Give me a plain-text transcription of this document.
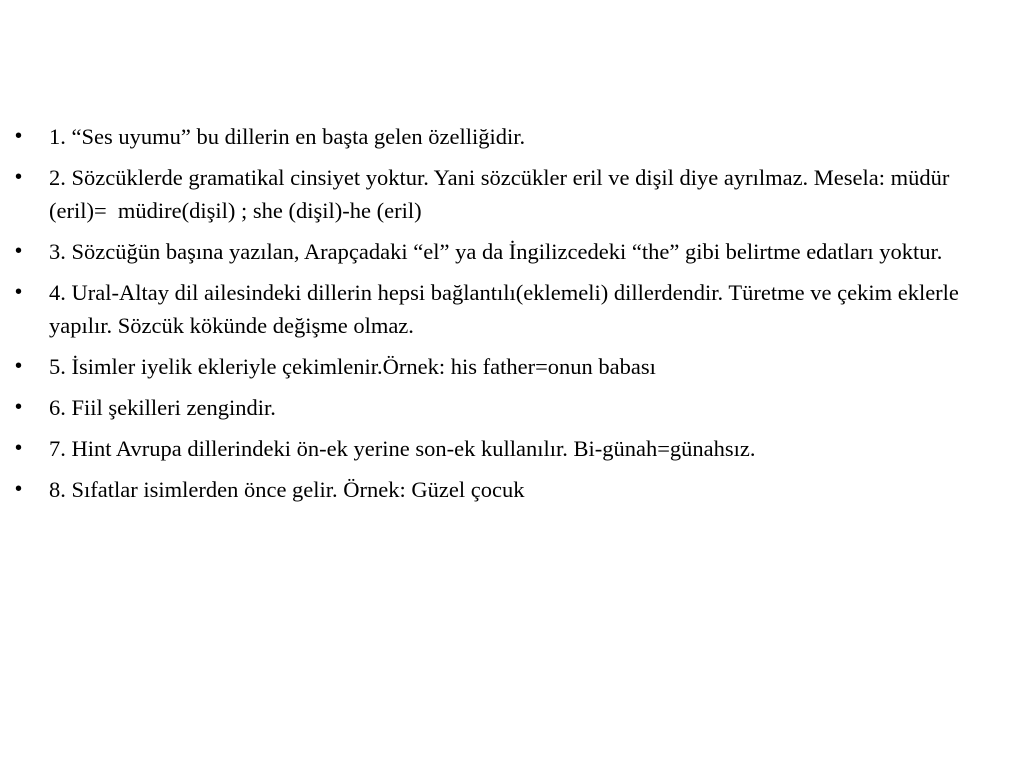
• 1. “Ses uyumu” bu dillerin en başta gelen özelliğidir.
• 2. Sözcüklerde gramatikal cinsiyet yoktur. Yani sözcükler eril ve dişil diye ayrılmaz. Mesela: müdür (eril)=  müdire(dişil) ; she (dişil)-he (eril)
• 3. Sözcüğün başına yazılan, Arapçadaki “el” ya da İngilizcedeki “the” gibi belirtme edatları yoktur.
• 4. Ural-Altay dil ailesindeki dillerin hepsi bağlantılı(eklemeli) dillerdendir. Türetme ve çekim eklerle yapılır. Sözcük kökünde değişme olmaz.
• 5. İsimler iyelik ekleriyle çekimlenir.Örnek: his father=onun babası
• 6. Fiil şekilleri zengindir.
• 7. Hint Avrupa dillerindeki ön-ek yerine son-ek kullanılır. Bi-günah=günahsız.
• 8. Sıfatlar isimlerden önce gelir. Örnek: Güzel çocuk
